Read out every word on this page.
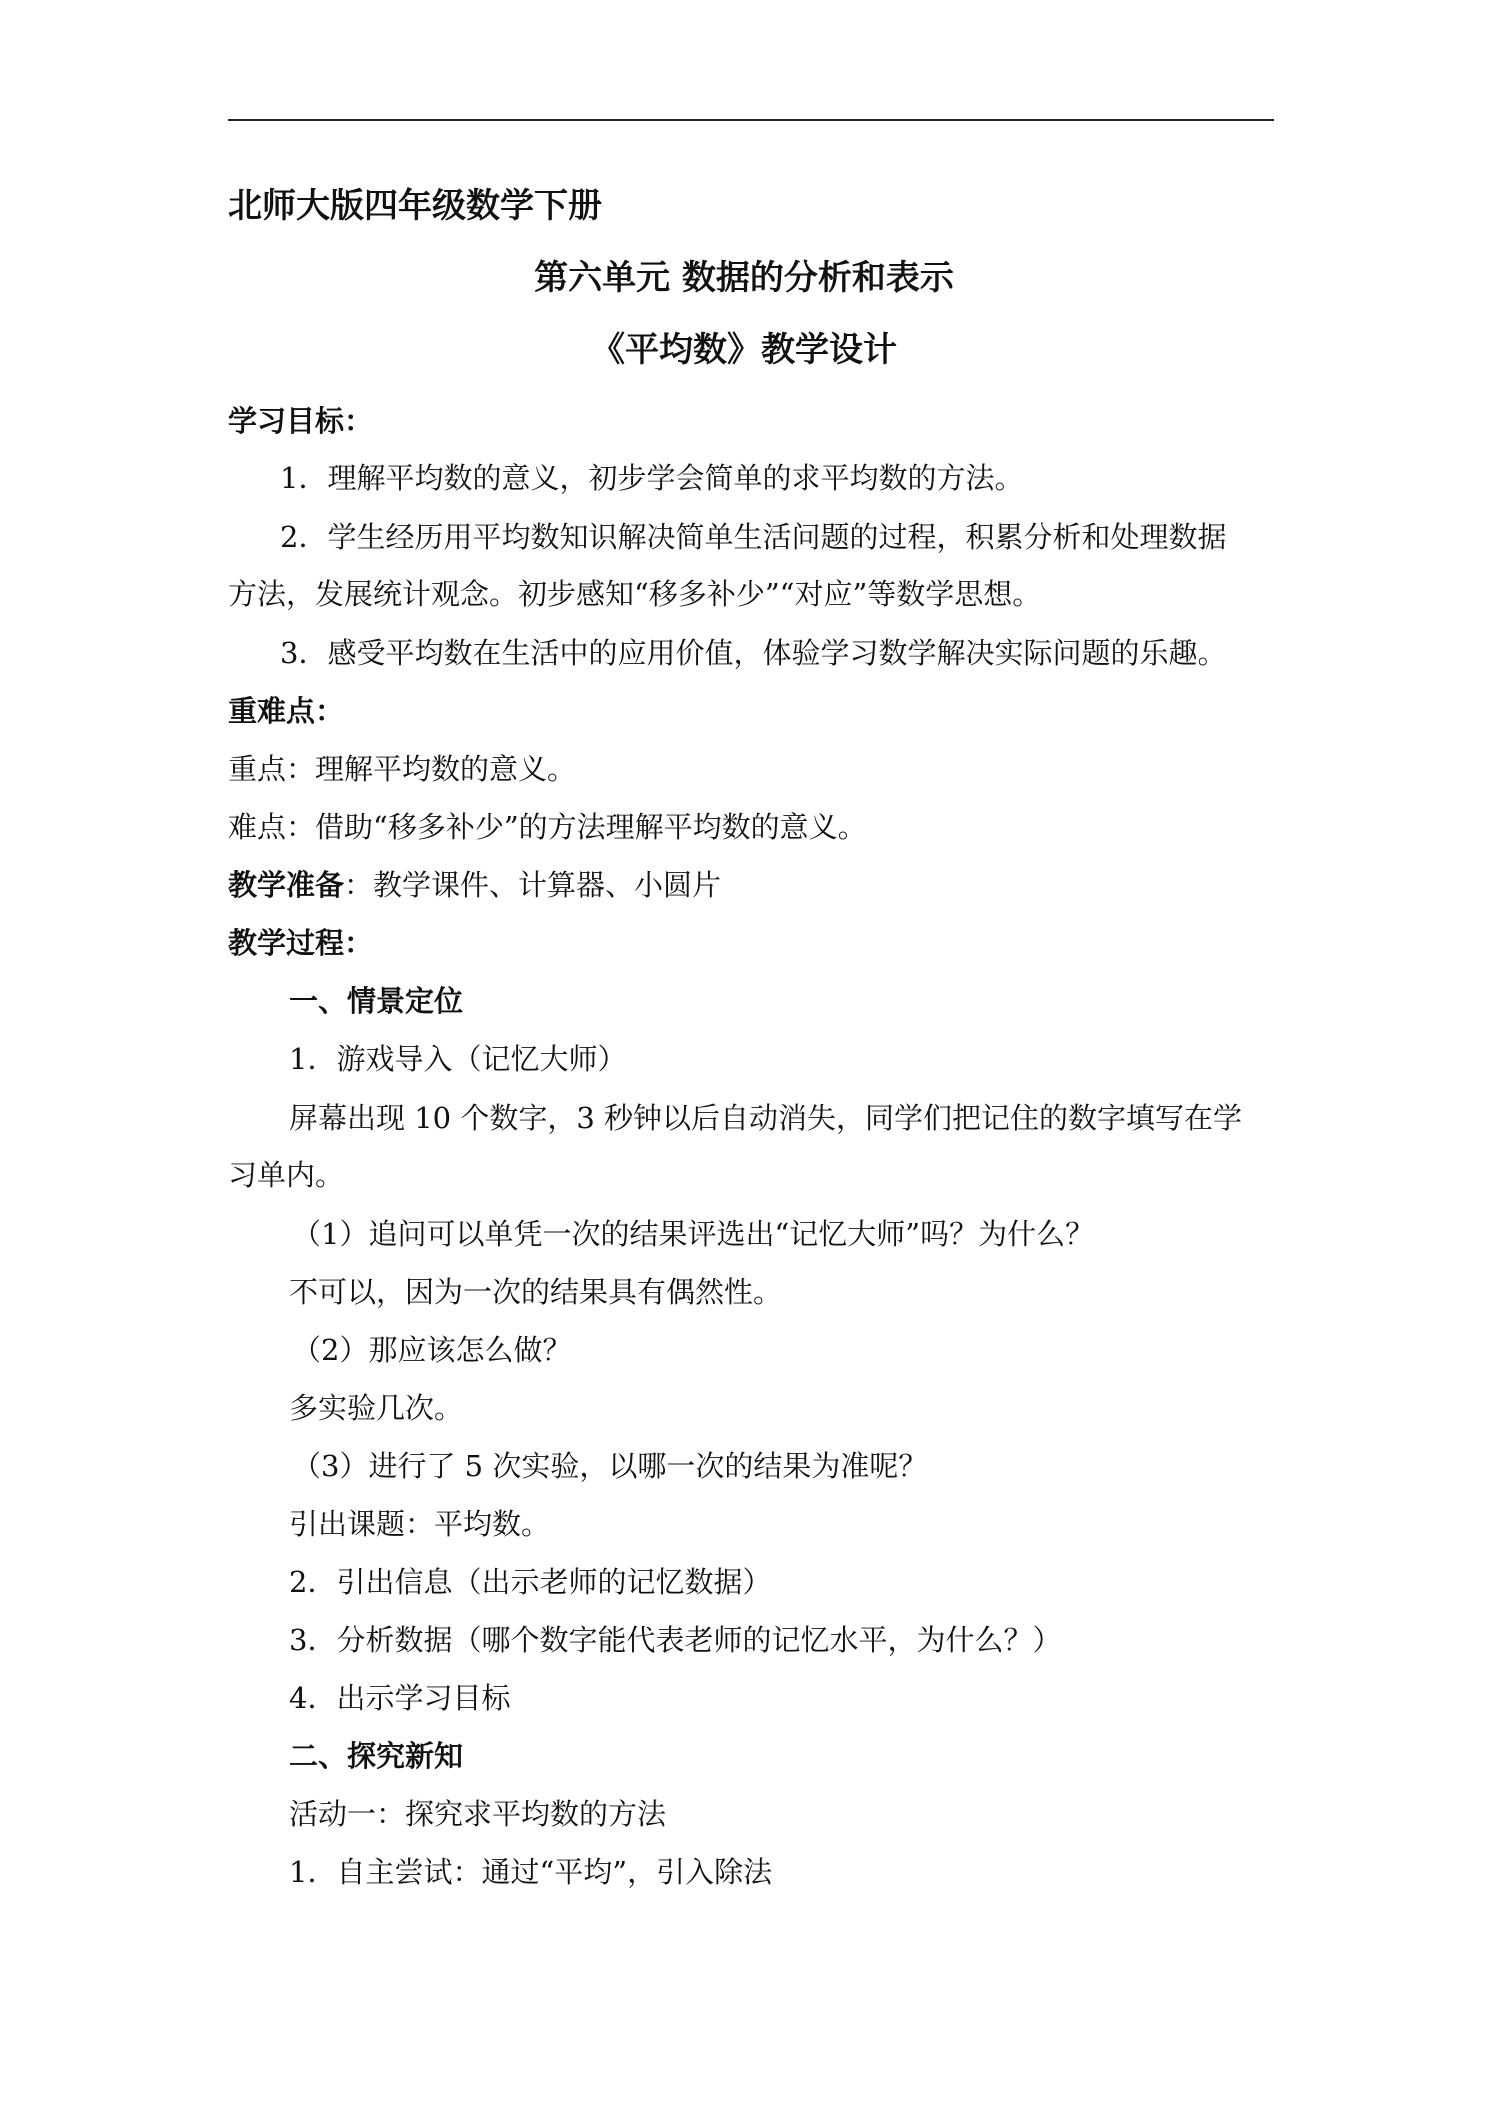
北师大版四年级数学下册
第六单元 数据的分析和表示
《平均数》教学设计
学习目标：
1．理解平均数的意义，初步学会简单的求平均数的方法。
2．学生经历用平均数知识解决简单生活问题的过程，积累分析和处理数据
方法，发展统计观念。初步感知“移多补少”“对应”等数学思想。
3．感受平均数在生活中的应用价值，体验学习数学解决实际问题的乐趣。
重难点：
重点：理解平均数的意义。
难点：借助“移多补少”的方法理解平均数的意义。
教学准备：教学课件、计算器、小圆片
教学过程：
一、情景定位
1．游戏导入（记忆大师）
屏幕出现 10 个数字，3 秒钟以后自动消失，同学们把记住的数字填写在学
习单内。
（1）追问可以单凭一次的结果评选出“记忆大师”吗？为什么？
不可以，因为一次的结果具有偶然性。
（2）那应该怎么做？
多实验几次。
（3）进行了 5 次实验，以哪一次的结果为准呢？
引出课题：平均数。
2．引出信息（出示老师的记忆数据）
3．分析数据（哪个数字能代表老师的记忆水平，为什么？）
4．出示学习目标
二、探究新知
活动一：探究求平均数的方法
1．自主尝试：通过“平均”，引入除法
